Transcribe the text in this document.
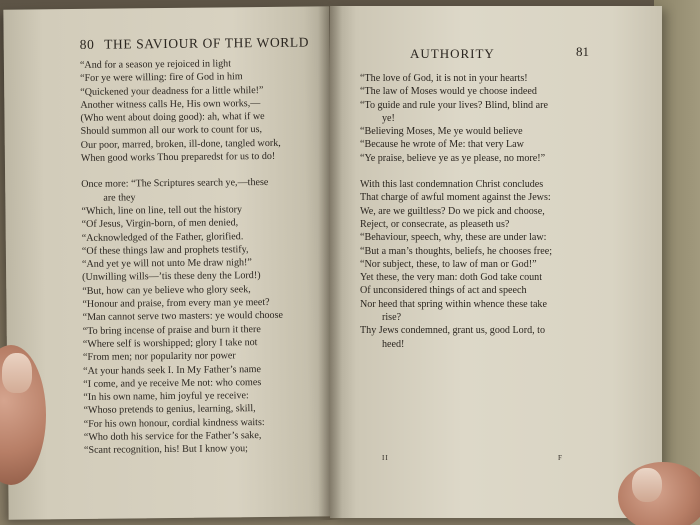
80 THE SAVIOUR OF THE WORLD
“And for a season ye rejoiced in light
“For ye were willing: fire of God in him
“Quickened your deadness for a little while!”
Another witness calls He, His own works,—
(Who went about doing good): ah, what if we
Should summon all our work to count for us,
Our poor, marred, broken, ill-done, tangled work,
When good works Thou preparedst for us to do!
Once more: “The Scriptures search ye,—these
are they
“Which, line on line, tell out the history
“Of Jesus, Virgin-born, of men denied,
“Acknowledged of the Father, glorified.
“Of these things law and prophets testify,
“And yet ye will not unto Me draw nigh!”
(Unwilling wills—’tis these deny the Lord!)
“But, how can ye believe who glory seek,
“Honour and praise, from every man ye meet?
“Man cannot serve two masters: ye would choose
“To bring incense of praise and burn it there
“Where self is worshipped; glory I take not
“From men; nor popularity nor power
“At your hands seek I. In My Father’s name
“I come, and ye receive Me not: who comes
“In his own name, him joyful ye receive:
“Whoso pretends to genius, learning, skill,
“For his own honour, cordial kindness waits:
“Who doth his service for the Father’s sake,
“Scant recognition, his! But I know you;
AUTHORITY	81
“The love of God, it is not in your hearts!
“The law of Moses would ye choose indeed
“To guide and rule your lives? Blind, blind are
ye!
“Believing Moses, Me ye would believe
“Because he wrote of Me: that very Law
“Ye praise, believe ye as ye please, no more!”
With this last condemnation Christ concludes
That charge of awful moment against the Jews:
We, are we guiltless? Do we pick and choose,
Reject, or consecrate, as pleaseth us?
“Behaviour, speech, why, these are under law:
“But a man’s thoughts, beliefs, he chooses free;
“Nor subject, these, to law of man or God!”
Yet these, the very man: doth God take count
Of unconsidered things of act and speech
Nor heed that spring within whence these take
rise?
Thy Jews condemned, grant us, good Lord, to
heed!
II	F
